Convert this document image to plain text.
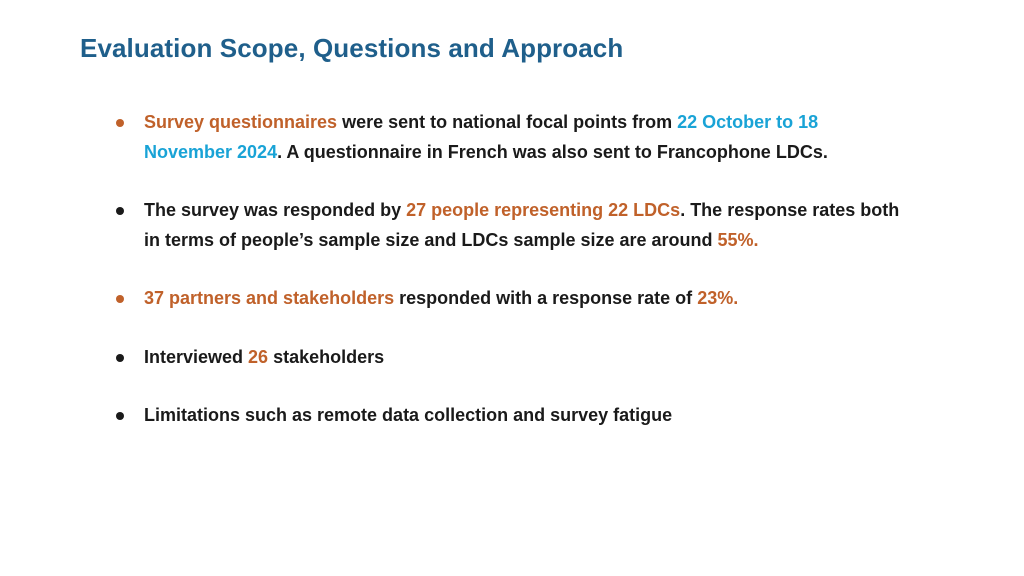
Evaluation Scope, Questions and Approach
Survey questionnaires were sent to national focal points from 22 October to 18 November 2024. A questionnaire in French was also sent to Francophone LDCs.
The survey was responded by 27 people representing 22 LDCs. The response rates both in terms of people’s sample size and LDCs sample size are around 55%.
37 partners and stakeholders responded with a response rate of 23%.
Interviewed 26 stakeholders
Limitations such as remote data collection and survey fatigue
